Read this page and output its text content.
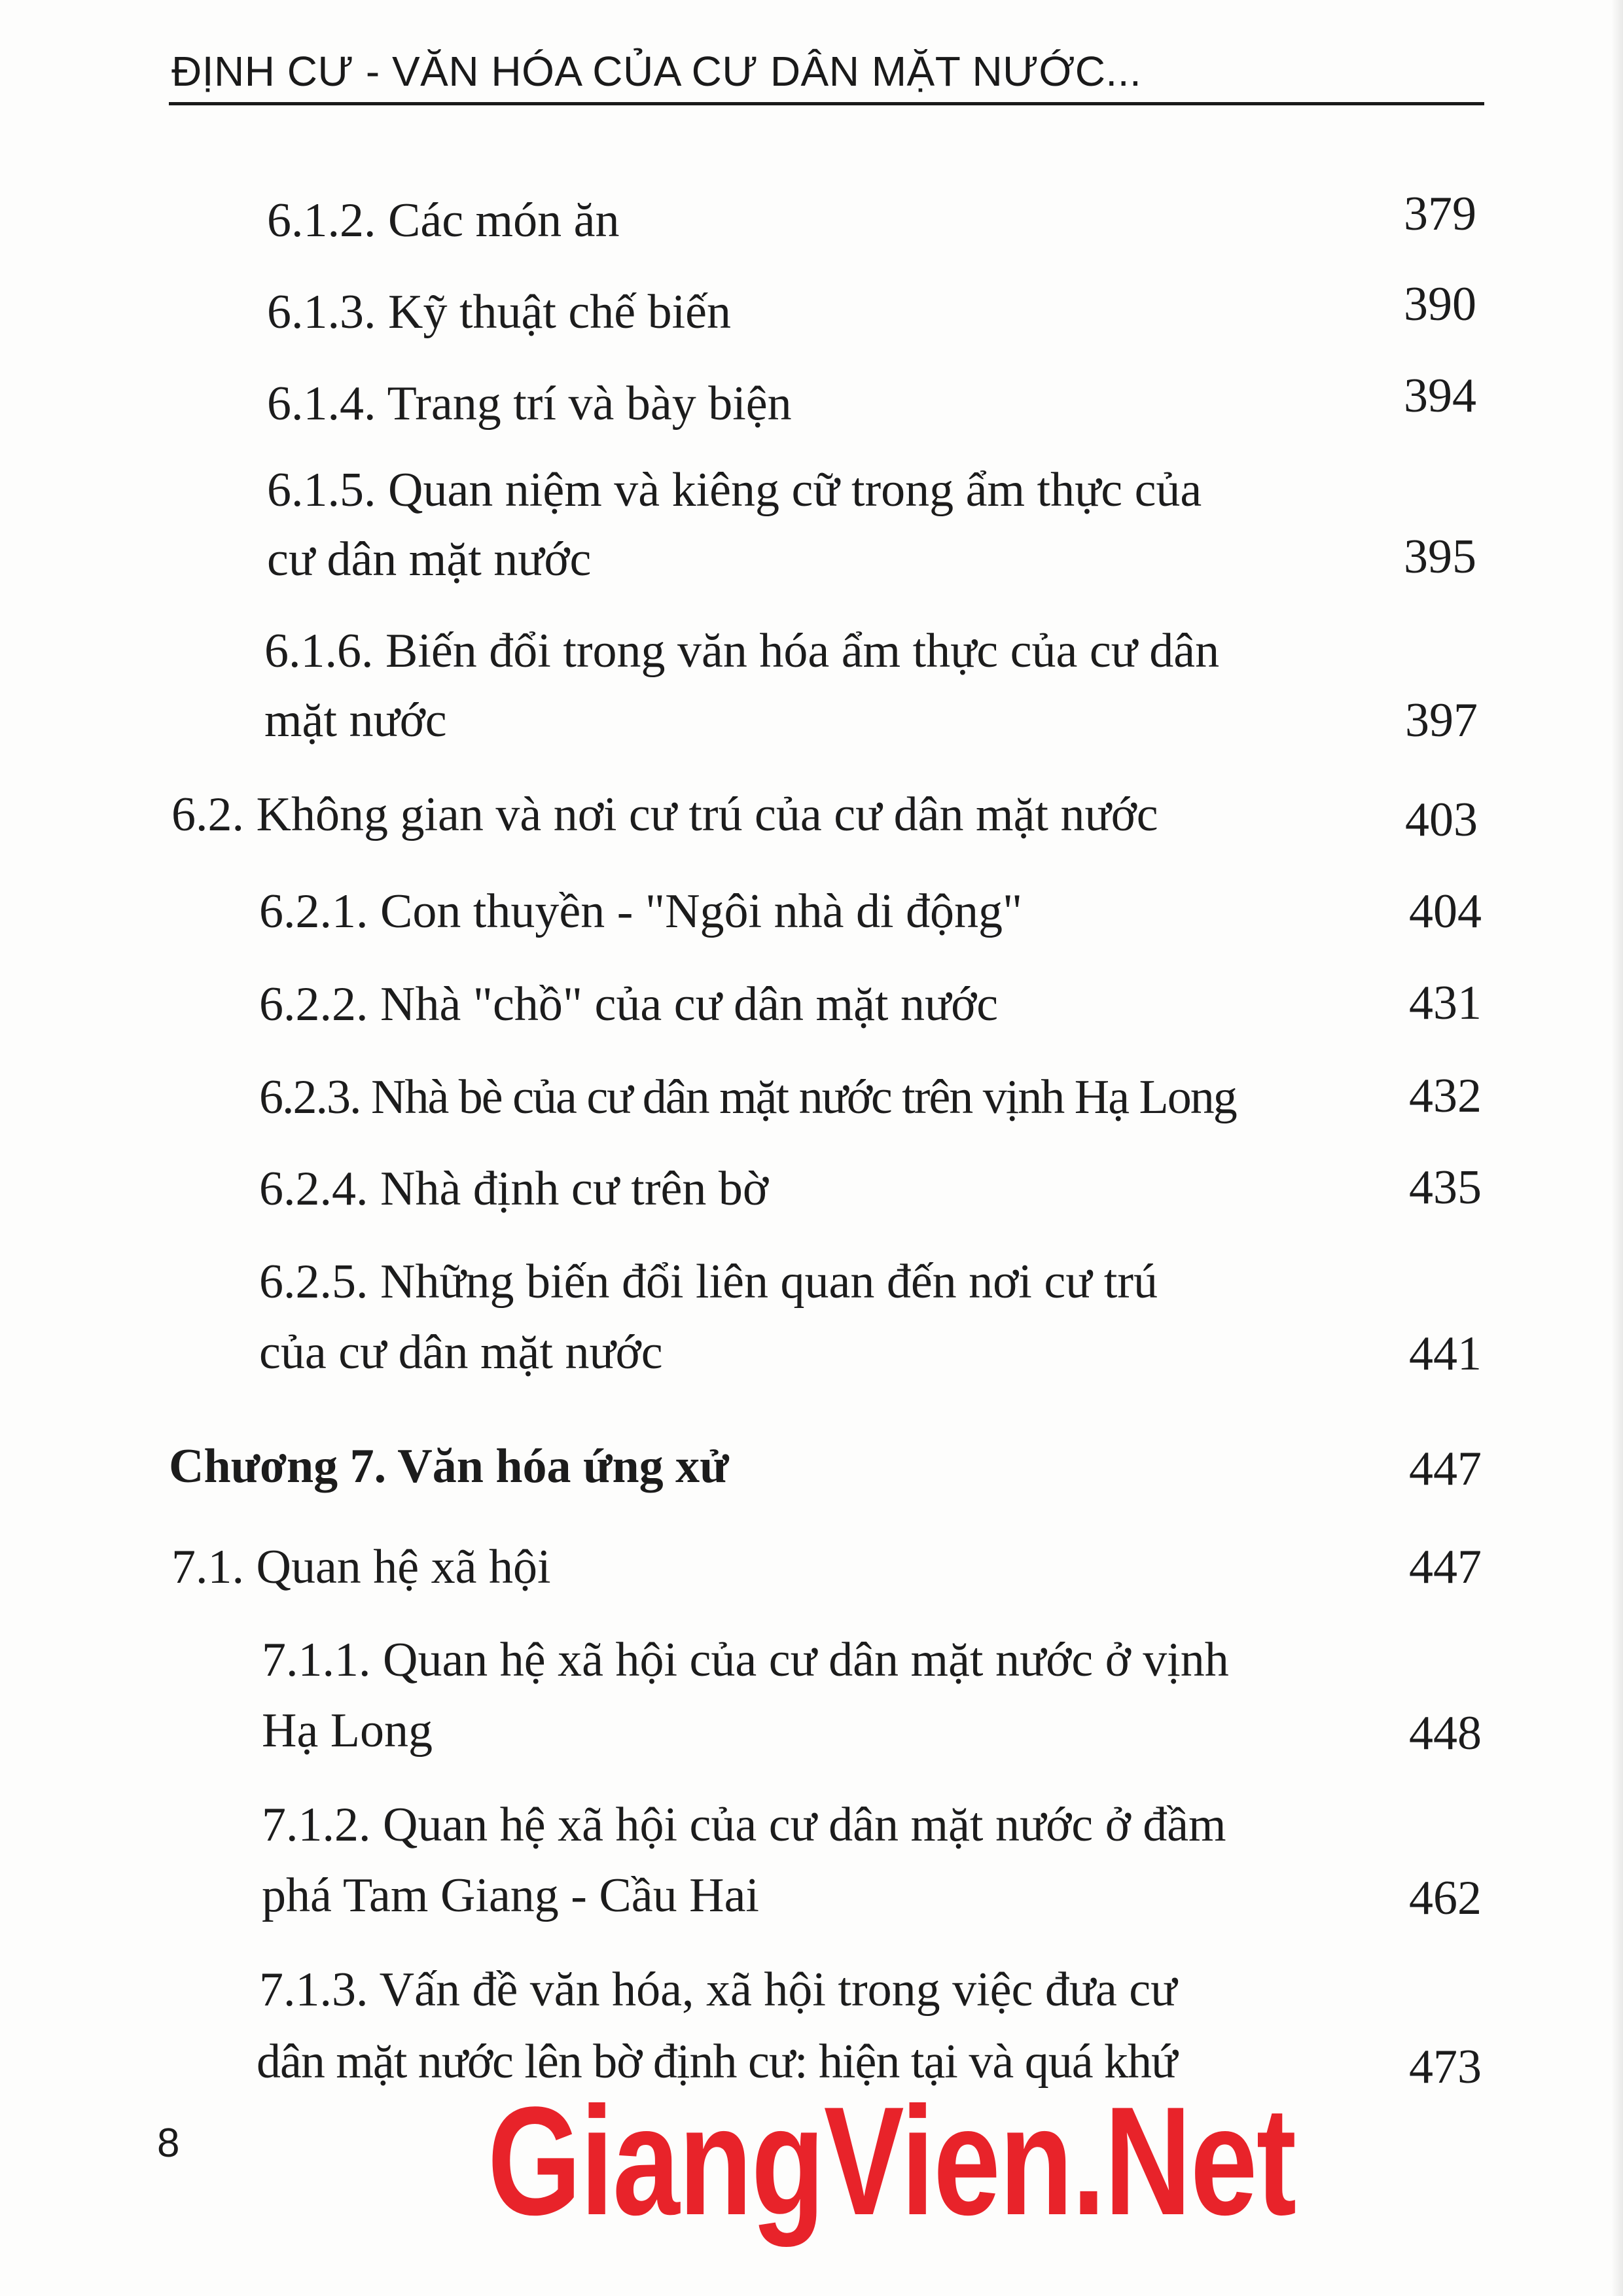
ĐỊNH CƯ - VĂN HÓA CỦA CƯ DÂN MẶT NƯỚC...
6.1.2. Các món ăn	379
6.1.3. Kỹ thuật chế biến	390
6.1.4. Trang trí và bày biện	394
6.1.5. Quan niệm và kiêng cữ trong ẩm thực của
cư dân mặt nước	395
6.1.6. Biến đổi trong văn hóa ẩm thực của cư dân
mặt nước	397
6.2. Không gian và nơi cư trú của cư dân mặt nước	403
6.2.1. Con thuyền - "Ngôi nhà di động"	404
6.2.2. Nhà "chồ" của cư dân mặt nước	431
6.2.3. Nhà bè của cư dân mặt nước trên vịnh Hạ Long	432
6.2.4. Nhà định cư trên bờ	435
6.2.5. Những biến đổi liên quan đến nơi cư trú
của cư dân mặt nước	441
Chương 7. Văn hóa ứng xử	447
7.1. Quan hệ xã hội	447
7.1.1. Quan hệ xã hội của cư dân mặt nước ở vịnh
Hạ Long	448
7.1.2. Quan hệ xã hội của cư dân mặt nước ở đầm
phá Tam Giang - Cầu Hai	462
7.1.3. Vấn đề văn hóa, xã hội trong việc đưa cư
dân mặt nước lên bờ định cư: hiện tại và quá khứ	473
8 GiangVien.Net
